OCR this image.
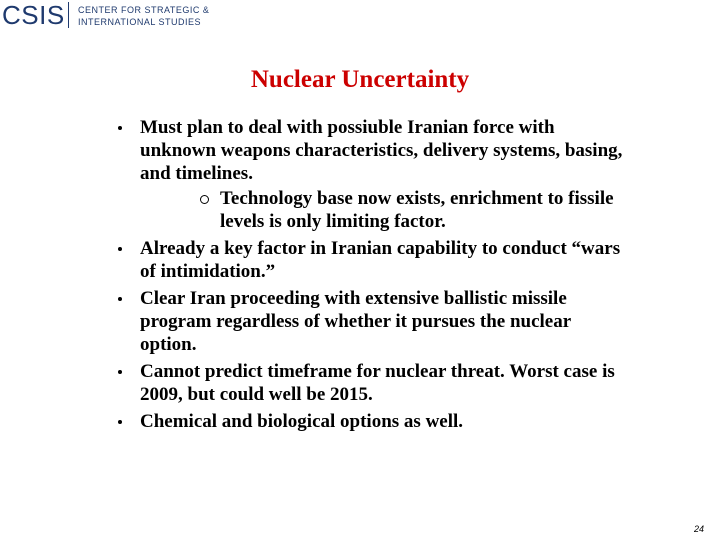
CSIS CENTER FOR STRATEGIC &
INTERNATIONAL STUDIES
Nuclear Uncertainty
Must plan to deal with possiuble Iranian force with unknown weapons characteristics, delivery systems, basing, and timelines.
Technology base now exists, enrichment to fissile levels is only limiting factor.
Already a key factor in Iranian capability to conduct “wars of intimidation.”
Clear Iran proceeding with extensive ballistic missile program regardless of whether it pursues the nuclear option.
Cannot predict timeframe for nuclear threat. Worst case is 2009, but could well be 2015.
Chemical and biological options as well.
24
